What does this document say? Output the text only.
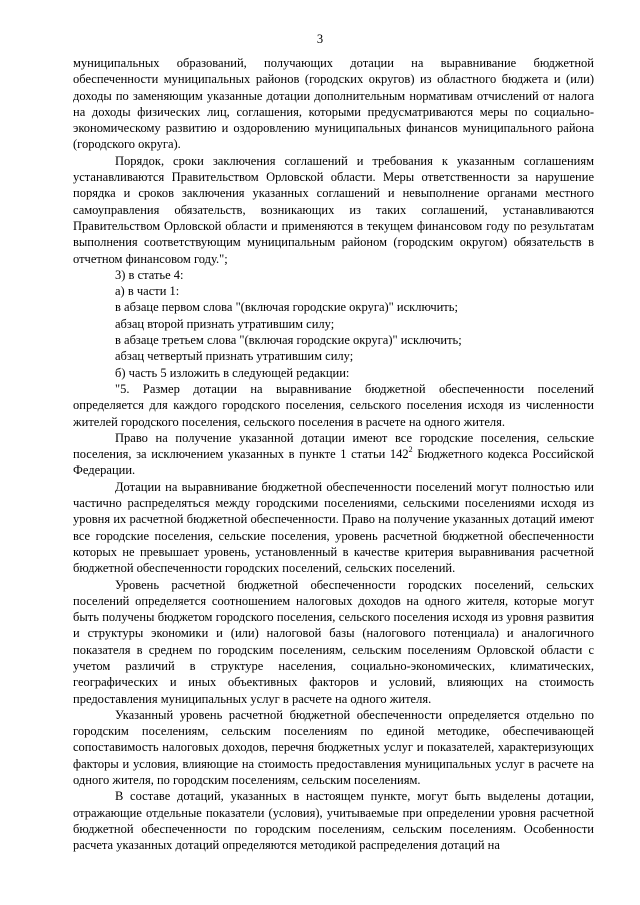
3

муниципальных образований, получающих дотации на выравнивание бюджетной обеспеченности муниципальных районов (городских округов) из областного бюджета и (или) доходы по заменяющим указанные дотации дополнительным нормативам отчислений от налога на доходы физических лиц, соглашения, которыми предусматриваются меры по социально-экономическому развитию и оздоровлению муниципальных финансов муниципального района (городского округа).

Порядок, сроки заключения соглашений и требования к указанным соглашениям устанавливаются Правительством Орловской области. Меры ответственности за нарушение порядка и сроков заключения указанных соглашений и невыполнение органами местного самоуправления обязательств, возникающих из таких соглашений, устанавливаются Правительством Орловской области и применяются в текущем финансовом году по результатам выполнения соответствующим муниципальным районом (городским округом) обязательств в отчетном финансовом году.";

3) в статье 4:

а) в части 1:

в абзаце первом слова "(включая городские округа)" исключить;

абзац второй признать утратившим силу;

в абзаце третьем слова "(включая городские округа)" исключить;

абзац четвертый признать утратившим силу;

б) часть 5 изложить в следующей редакции:

"5. Размер дотации на выравнивание бюджетной обеспеченности поселений определяется для каждого городского поселения, сельского поселения исходя из численности жителей городского поселения, сельского поселения в расчете на одного жителя.

Право на получение указанной дотации имеют все городские поселения, сельские поселения, за исключением указанных в пункте 1 статьи $142^2$ Бюджетного кодекса Российской Федерации.

Дотации на выравнивание бюджетной обеспеченности поселений могут полностью или частично распределяться между городскими поселениями, сельскими поселениями исходя из уровня их расчетной бюджетной обеспеченности. Право на получение указанных дотаций имеют все городские поселения, сельские поселения, уровень расчетной бюджетной обеспеченности которых не превышает уровень, установленный в качестве критерия выравнивания расчетной бюджетной обеспеченности городских поселений, сельских поселений.

Уровень расчетной бюджетной обеспеченности городских поселений, сельских поселений определяется соотношением налоговых доходов на одного жителя, которые могут быть получены бюджетом городского поселения, сельского поселения исходя из уровня развития и структуры экономики и (или) налоговой базы (налогового потенциала) и аналогичного показателя в среднем по городским поселениям, сельским поселениям Орловской области с учетом различий в структуре населения, социально-экономических, климатических, географических и иных объективных факторов и условий, влияющих на стоимость предоставления муниципальных услуг в расчете на одного жителя.

Указанный уровень расчетной бюджетной обеспеченности определяется отдельно по городским поселениям, сельским поселениям по единой методике, обеспечивающей сопоставимость налоговых доходов, перечня бюджетных услуг и показателей, характеризующих факторы и условия, влияющие на стоимость предоставления муниципальных услуг в расчете на одного жителя, по городским поселениям, сельским поселениям.

В составе дотаций, указанных в настоящем пункте, могут быть выделены дотации, отражающие отдельные показатели (условия), учитываемые при определении уровня расчетной бюджетной обеспеченности по городским поселениям, сельским поселениям. Особенности расчета указанных дотаций определяются методикой распределения дотаций на
